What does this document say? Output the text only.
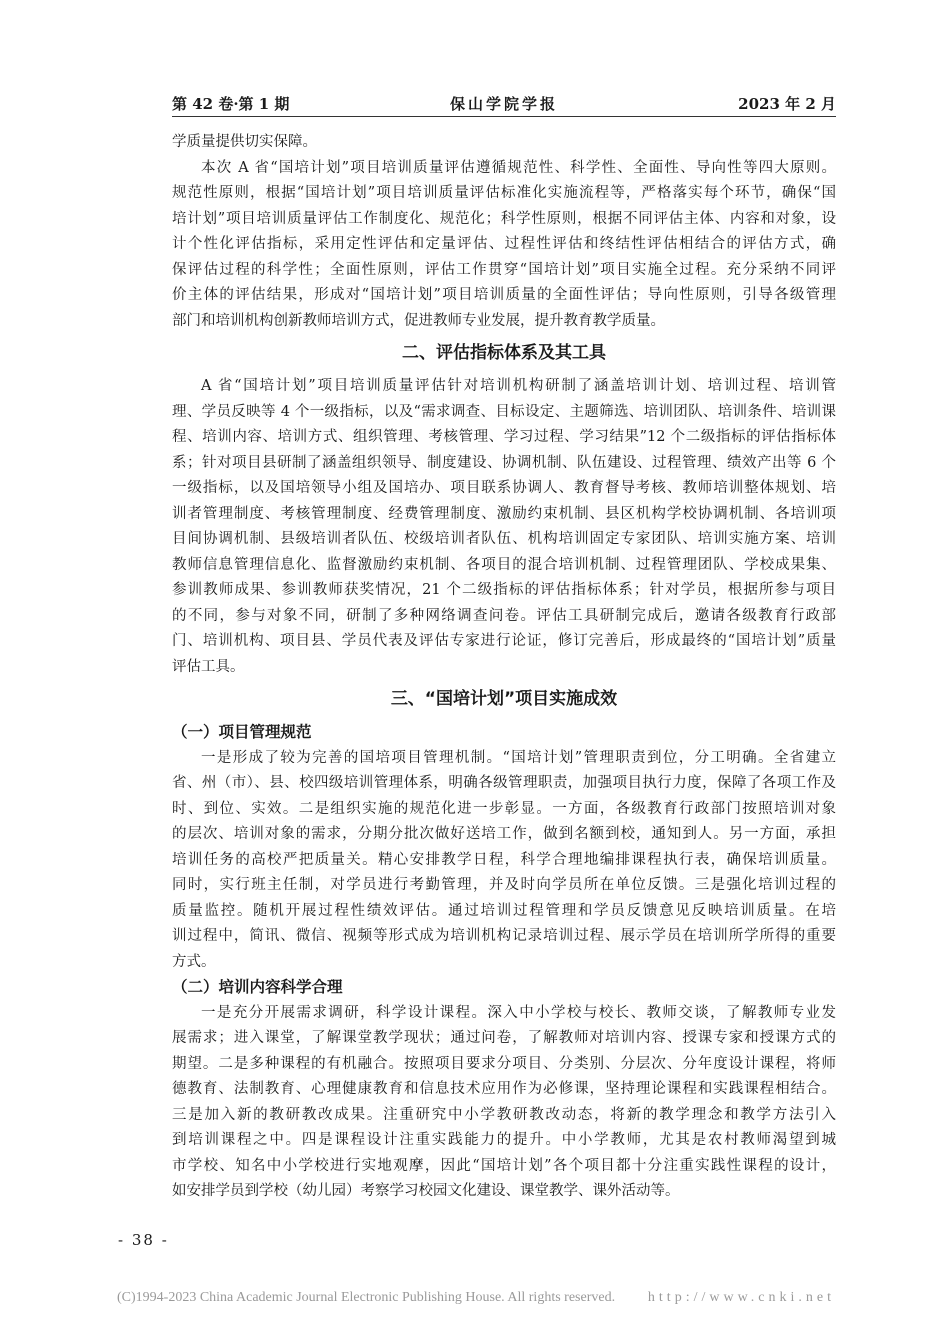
第 42 卷·第 1 期	保山学院学报	2023 年 2 月
学质量提供切实保障。
本次 A 省“国培计划”项目培训质量评估遵循规范性、科学性、全面性、导向性等四大原则。
规范性原则，根据“国培计划”项目培训质量评估标准化实施流程等，严格落实每个环节，确保“国
培计划”项目培训质量评估工作制度化、规范化；科学性原则，根据不同评估主体、内容和对象，设
计个性化评估指标，采用定性评估和定量评估、过程性评估和终结性评估相结合的评估方式，确
保评估过程的科学性；全面性原则，评估工作贯穿“国培计划”项目实施全过程。充分采纳不同评
价主体的评估结果，形成对“国培计划”项目培训质量的全面性评估；导向性原则，引导各级管理
部门和培训机构创新教师培训方式，促进教师专业发展，提升教育教学质量。
二、评估指标体系及其工具
A 省“国培计划”项目培训质量评估针对培训机构研制了涵盖培训计划、培训过程、培训管
理、学员反映等 4 个一级指标，以及“需求调查、目标设定、主题筛选、培训团队、培训条件、培训课
程、培训内容、培训方式、组织管理、考核管理、学习过程、学习结果”12 个二级指标的评估指标体
系；针对项目县研制了涵盖组织领导、制度建设、协调机制、队伍建设、过程管理、绩效产出等 6 个
一级指标，以及国培领导小组及国培办、项目联系协调人、教育督导考核、教师培训整体规划、培
训者管理制度、考核管理制度、经费管理制度、激励约束机制、县区机构学校协调机制、各培训项
目间协调机制、县级培训者队伍、校级培训者队伍、机构培训固定专家团队、培训实施方案、培训
教师信息管理信息化、监督激励约束机制、各项目的混合培训机制、过程管理团队、学校成果集、
参训教师成果、参训教师获奖情况，21 个二级指标的评估指标体系；针对学员，根据所参与项目
的不同，参与对象不同，研制了多种网络调查问卷。评估工具研制完成后，邀请各级教育行政部
门、培训机构、项目县、学员代表及评估专家进行论证，修订完善后，形成最终的“国培计划”质量
评估工具。
三、“国培计划”项目实施成效
（一）项目管理规范
一是形成了较为完善的国培项目管理机制。“国培计划”管理职责到位，分工明确。全省建立
省、州（市）、县、校四级培训管理体系，明确各级管理职责，加强项目执行力度，保障了各项工作及
时、到位、实效。二是组织实施的规范化进一步彰显。一方面，各级教育行政部门按照培训对象
的层次、培训对象的需求，分期分批次做好送培工作，做到名额到校，通知到人。另一方面，承担
培训任务的高校严把质量关。精心安排教学日程，科学合理地编排课程执行表，确保培训质量。
同时，实行班主任制，对学员进行考勤管理，并及时向学员所在单位反馈。三是强化培训过程的
质量监控。随机开展过程性绩效评估。通过培训过程管理和学员反馈意见反映培训质量。在培
训过程中，简讯、微信、视频等形式成为培训机构记录培训过程、展示学员在培训所学所得的重要
方式。
（二）培训内容科学合理
一是充分开展需求调研，科学设计课程。深入中小学校与校长、教师交谈，了解教师专业发
展需求；进入课堂，了解课堂教学现状；通过问卷，了解教师对培训内容、授课专家和授课方式的
期望。二是多种课程的有机融合。按照项目要求分项目、分类别、分层次、分年度设计课程，将师
德教育、法制教育、心理健康教育和信息技术应用作为必修课，坚持理论课程和实践课程相结合。
三是加入新的教研教改成果。注重研究中小学教研教改动态，将新的教学理念和教学方法引入
到培训课程之中。四是课程设计注重实践能力的提升。中小学教师，尤其是农村教师渴望到城
市学校、知名中小学校进行实地观摩，因此“国培计划”各个项目都十分注重实践性课程的设计，
如安排学员到学校（幼儿园）考察学习校园文化建设、课堂教学、课外活动等。
- 38 -
(C)1994-2023 China Academic Journal Electronic Publishing House. All rights reserved. http://www.cnki.net
